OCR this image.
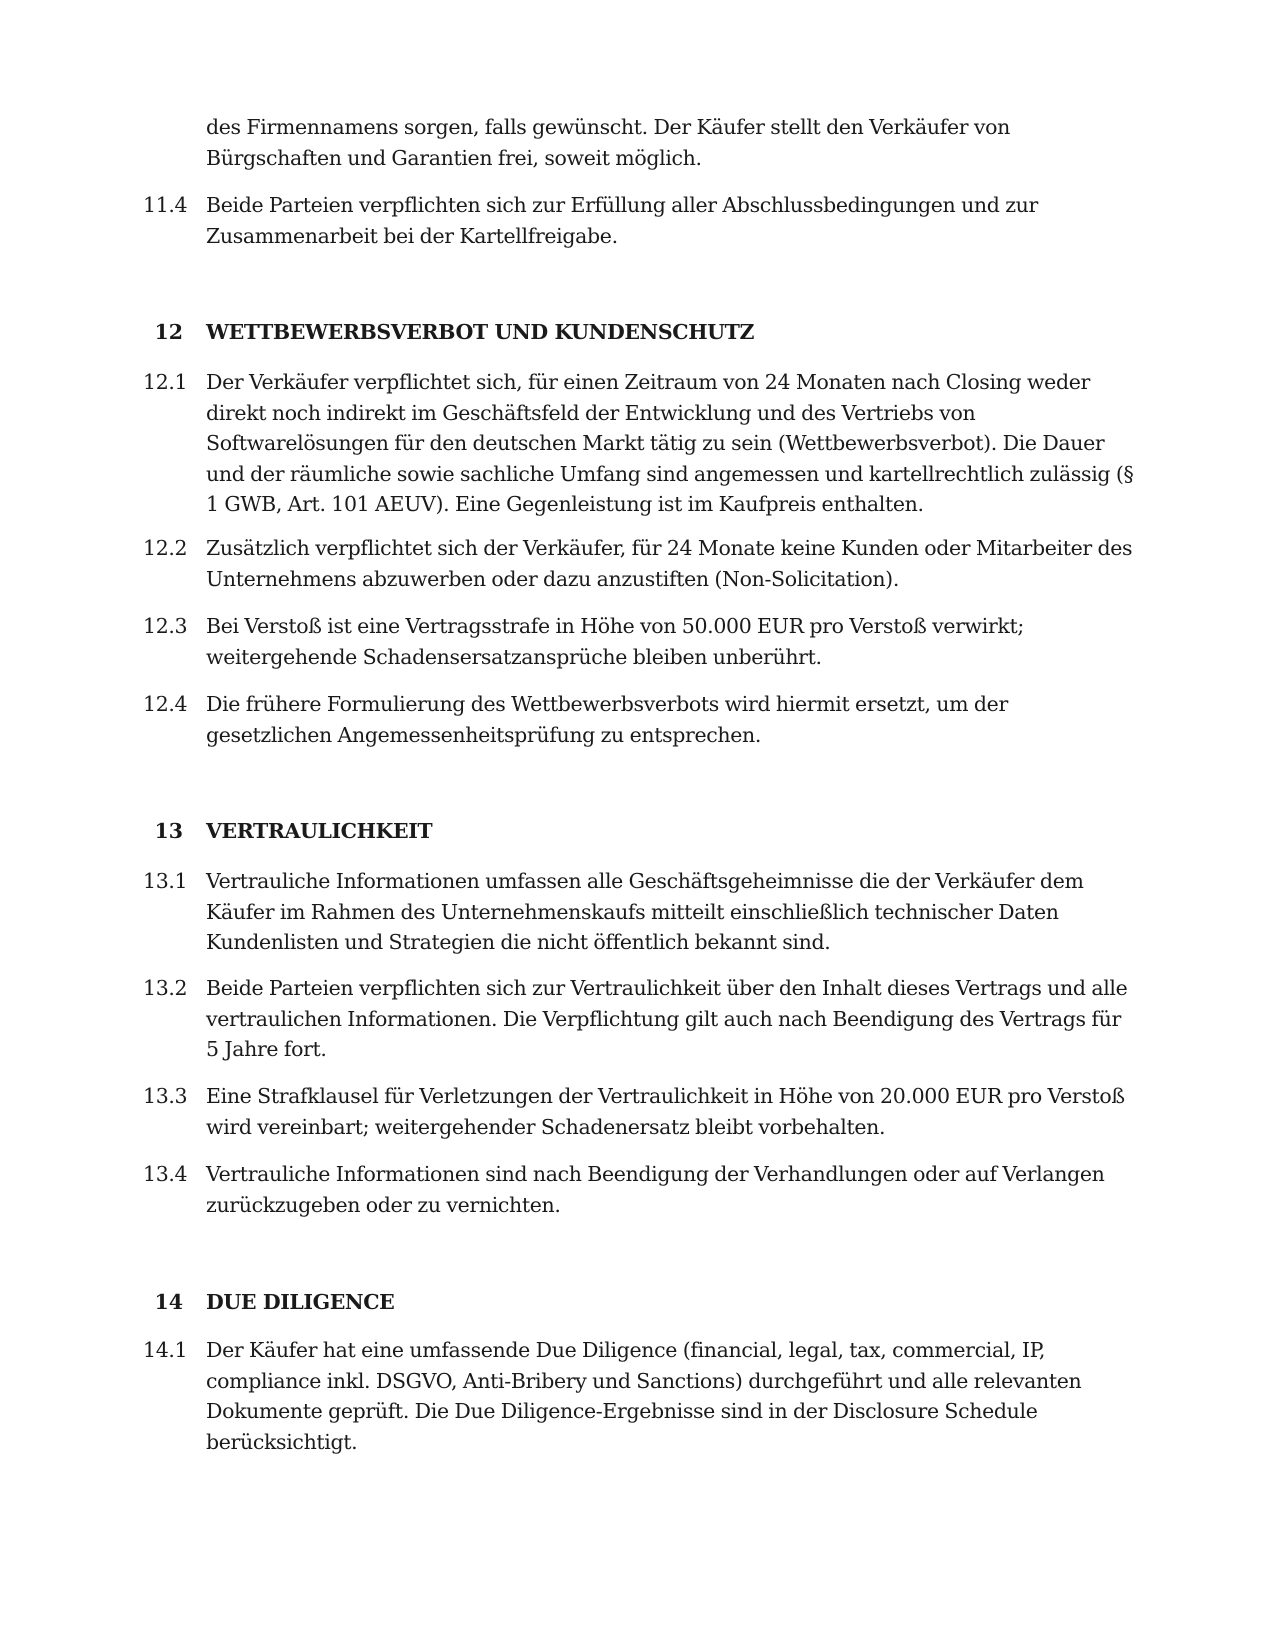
des Firmennamens sorgen, falls gewünscht. Der Käufer stellt den Verkäufer von Bürgschaften und Garantien frei, soweit möglich.

11.4 Beide Parteien verpflichten sich zur Erfüllung aller Abschlussbedingungen und zur Zusammenarbeit bei der Kartellfreigabe.

12 WETTBEWERBSVERBOT UND KUNDENSCHUTZ

12.1 Der Verkäufer verpflichtet sich, für einen Zeitraum von 24 Monaten nach Closing weder direkt noch indirekt im Geschäftsfeld der Entwicklung und des Vertriebs von Softwarelösungen für den deutschen Markt tätig zu sein (Wettbewerbsverbot). Die Dauer und der räumliche sowie sachliche Umfang sind angemessen und kartellrechtlich zulässig (§ 1 GWB, Art. 101 AEUV). Eine Gegenleistung ist im Kaufpreis enthalten.

12.2 Zusätzlich verpflichtet sich der Verkäufer, für 24 Monate keine Kunden oder Mitarbeiter des Unternehmens abzuwerben oder dazu anzustiften (Non-Solicitation).

12.3 Bei Verstoß ist eine Vertragsstrafe in Höhe von 50.000 EUR pro Verstoß verwirkt; weitergehende Schadensersatzansprüche bleiben unberührt.

12.4 Die frühere Formulierung des Wettbewerbsverbots wird hiermit ersetzt, um der gesetzlichen Angemessenheitsprüfung zu entsprechen.

13 VERTRAULICHKEIT

13.1 Vertrauliche Informationen umfassen alle Geschäftsgeheimnisse die der Verkäufer dem Käufer im Rahmen des Unternehmenskaufs mitteilt einschließlich technischer Daten Kundenlisten und Strategien die nicht öffentlich bekannt sind.

13.2 Beide Parteien verpflichten sich zur Vertraulichkeit über den Inhalt dieses Vertrags und alle vertraulichen Informationen. Die Verpflichtung gilt auch nach Beendigung des Vertrags für 5 Jahre fort.

13.3 Eine Strafklausel für Verletzungen der Vertraulichkeit in Höhe von 20.000 EUR pro Verstoß wird vereinbart; weitergehender Schadenersatz bleibt vorbehalten.

13.4 Vertrauliche Informationen sind nach Beendigung der Verhandlungen oder auf Verlangen zurückzugeben oder zu vernichten.

14 DUE DILIGENCE

14.1 Der Käufer hat eine umfassende Due Diligence (financial, legal, tax, commercial, IP, compliance inkl. DSGVO, Anti-Bribery und Sanctions) durchgeführt und alle relevanten Dokumente geprüft. Die Due Diligence-Ergebnisse sind in der Disclosure Schedule berücksichtigt.
